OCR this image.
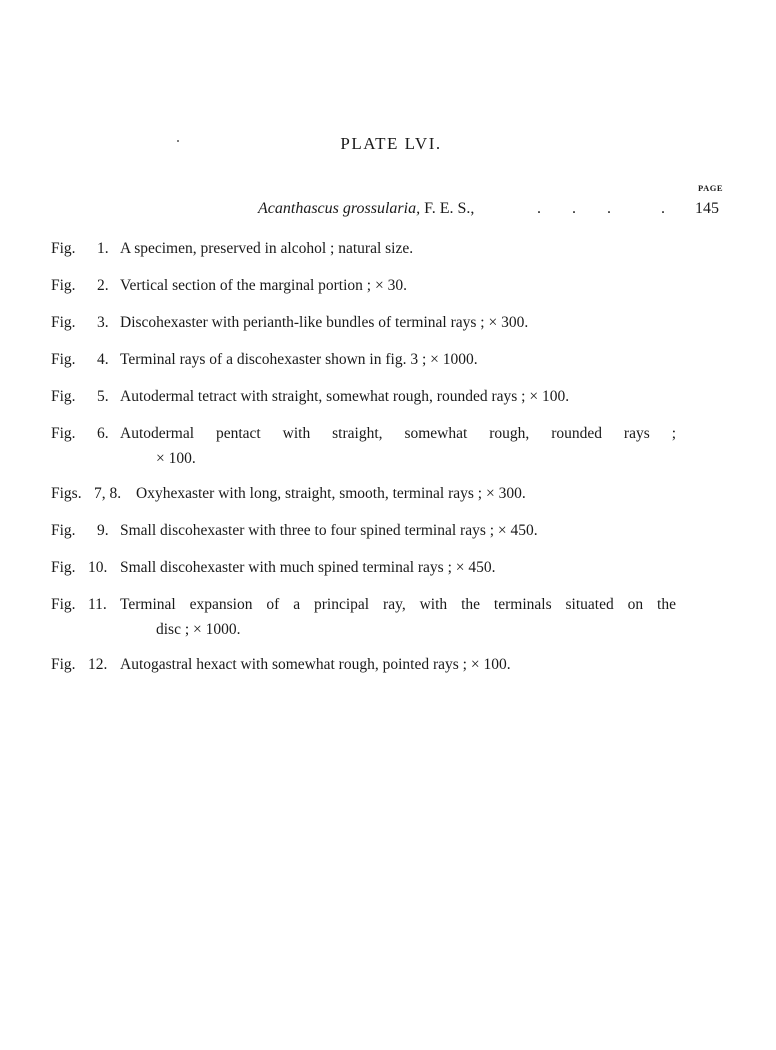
PLATE LVI.
PAGE
Acanthascus grossularia, F. E. S.,	. . .	. 145
Fig. 1. A specimen, preserved in alcohol ; natural size.
Fig. 2. Vertical section of the marginal portion ; × 30.
Fig. 3. Discohexaster with perianth-like bundles of terminal rays ; × 300.
Fig. 4. Terminal rays of a discohexaster shown in fig. 3 ; × 1000.
Fig. 5. Autodermal tetract with straight, somewhat rough, rounded rays ; × 100.
Fig. 6. Autodermal pentact with straight, somewhat rough, rounded rays ;
× 100.
Figs. 7, 8. Oxyhexaster with long, straight, smooth, terminal rays ; × 300.
Fig. 9. Small discohexaster with three to four spined terminal rays ; × 450.
Fig. 10. Small discohexaster with much spined terminal rays ; × 450.
Fig. 11. Terminal expansion of a principal ray, with the terminals situated on the
disc ; × 1000.
Fig. 12. Autogastral hexact with somewhat rough, pointed rays ; × 100.
